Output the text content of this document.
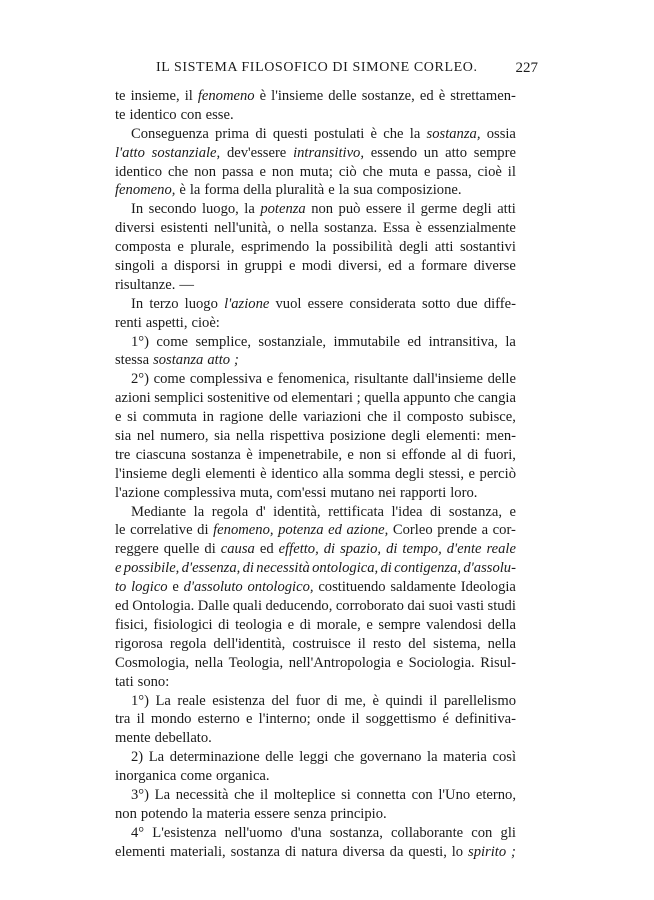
IL SISTEMA FILOSOFICO DI SIMONE CORLEO.	227
te insieme, il fenomeno è l'insieme delle sostanze, ed è strettamen-
te identico con esse.
Conseguenza prima di questi postulati è che la sostanza, ossia
l'atto sostanziale, dev'essere intransitivo, essendo un atto sempre
identico che non passa e non muta; ciò che muta e passa, cioè il
fenomeno, è la forma della pluralità e la sua composizione.
In secondo luogo, la potenza non può essere il germe degli atti
diversi esistenti nell'unità, o nella sostanza. Essa è essenzialmente
composta e plurale, esprimendo la possibilità degli atti sostantivi
singoli a disporsi in gruppi e modi diversi, ed a formare diverse
risultanze. —
In terzo luogo l'azione vuol essere considerata sotto due diffe-
renti aspetti, cioè:
1°) come semplice, sostanziale, immutabile ed intransitiva, la
stessa sostanza atto ;
2°) come complessiva e fenomenica, risultante dall'insieme delle
azioni semplici sostenitive od elementari ; quella appunto che cangia
e si commuta in ragione delle variazioni che il composto subisce,
sia nel numero, sia nella rispettiva posizione degli elementi: men-
tre ciascuna sostanza è impenetrabile, e non si effonde al di fuori,
l'insieme degli elementi è identico alla somma degli stessi, e perciò
l'azione complessiva muta, com'essi mutano nei rapporti loro.
Mediante la regola d' identità, rettificata l'idea di sostanza, e
le correlative di fenomeno, potenza ed azione, Corleo prende a cor-
reggere quelle di causa ed effetto, di spazio, di tempo, d'ente reale
e possibile, d'essenza, di necessità ontologica, di contigenza, d'assolu-
to logico e d'assoluto ontologico, costituendo saldamente Ideologia
ed Ontologia. Dalle quali deducendo, corroborato dai suoi vasti studi
fisici, fisiologici di teologia e di morale, e sempre valendosi della
rigorosa regola dell'identità, costruisce il resto del sistema, nella
Cosmologia, nella Teologia, nell'Antropologia e Sociologia. Risul-
tati sono:
1°) La reale esistenza del fuor di me, è quindi il parellelismo
tra il mondo esterno e l'interno; onde il soggettismo é definitiva-
mente debellato.
2) La determinazione delle leggi che governano la materia così
inorganica come organica.
3°) La necessità che il molteplice si connetta con l'Uno eterno,
non potendo la materia essere senza principio.
4° L'esistenza nell'uomo d'una sostanza, collaborante con gli
elementi materiali, sostanza di natura diversa da questi, lo spirito ;
